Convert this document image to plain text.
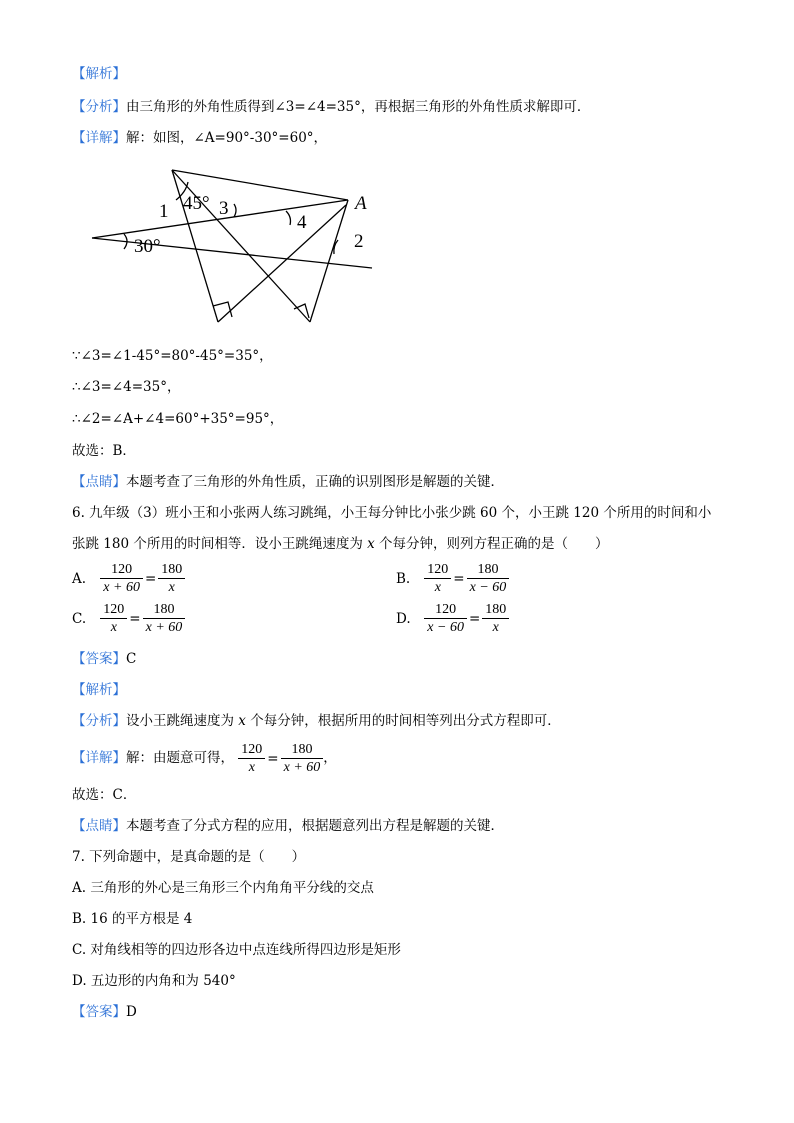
【解析】
【分析】由三角形的外角性质得到∠3=∠4=35°，再根据三角形的外角性质求解即可．
【详解】解：如图，∠A=90°-30°=60°，
45°
1	3
4
A
2
30°
∵∠3=∠1-45°=80°-45°=35°，
∴∠3=∠4=35°，
∴∠2=∠A+∠4=60°+35°=95°，
故选：B．
【点睛】本题考查了三角形的外角性质，正确的识别图形是解题的关键．
6. 九年级（3）班小王和小张两人练习跳绳，小王每分钟比小张少跳 60 个，小王跳 120 个所用的时间和小
张跳 180 个所用的时间相等．设小王跳绳速度为 x 个每分钟，则列方程正确的是（　　）
A. $\frac{120}{x + 60} = \frac{180}{x}$	B. $\frac{120}{x} = \frac{180}{x - 60}$
C. $\frac{120}{x} = \frac{180}{x + 60}$	D. $\frac{120}{x - 60} = \frac{180}{x}$
【答案】C
【解析】
【分析】设小王跳绳速度为 x 个每分钟，根据所用的时间相等列出分式方程即可．
【详解】解：由题意可得， $\frac{120}{x} = \frac{180}{x + 60}$ ，
故选：C．
【点睛】本题考查了分式方程的应用，根据题意列出方程是解题的关键．
7. 下列命题中，是真命题的是（　　）
A. 三角形的外心是三角形三个内角角平分线的交点
B. 16 的平方根是 4
C. 对角线相等的四边形各边中点连线所得四边形是矩形
D. 五边形的内角和为 540°
【答案】D
